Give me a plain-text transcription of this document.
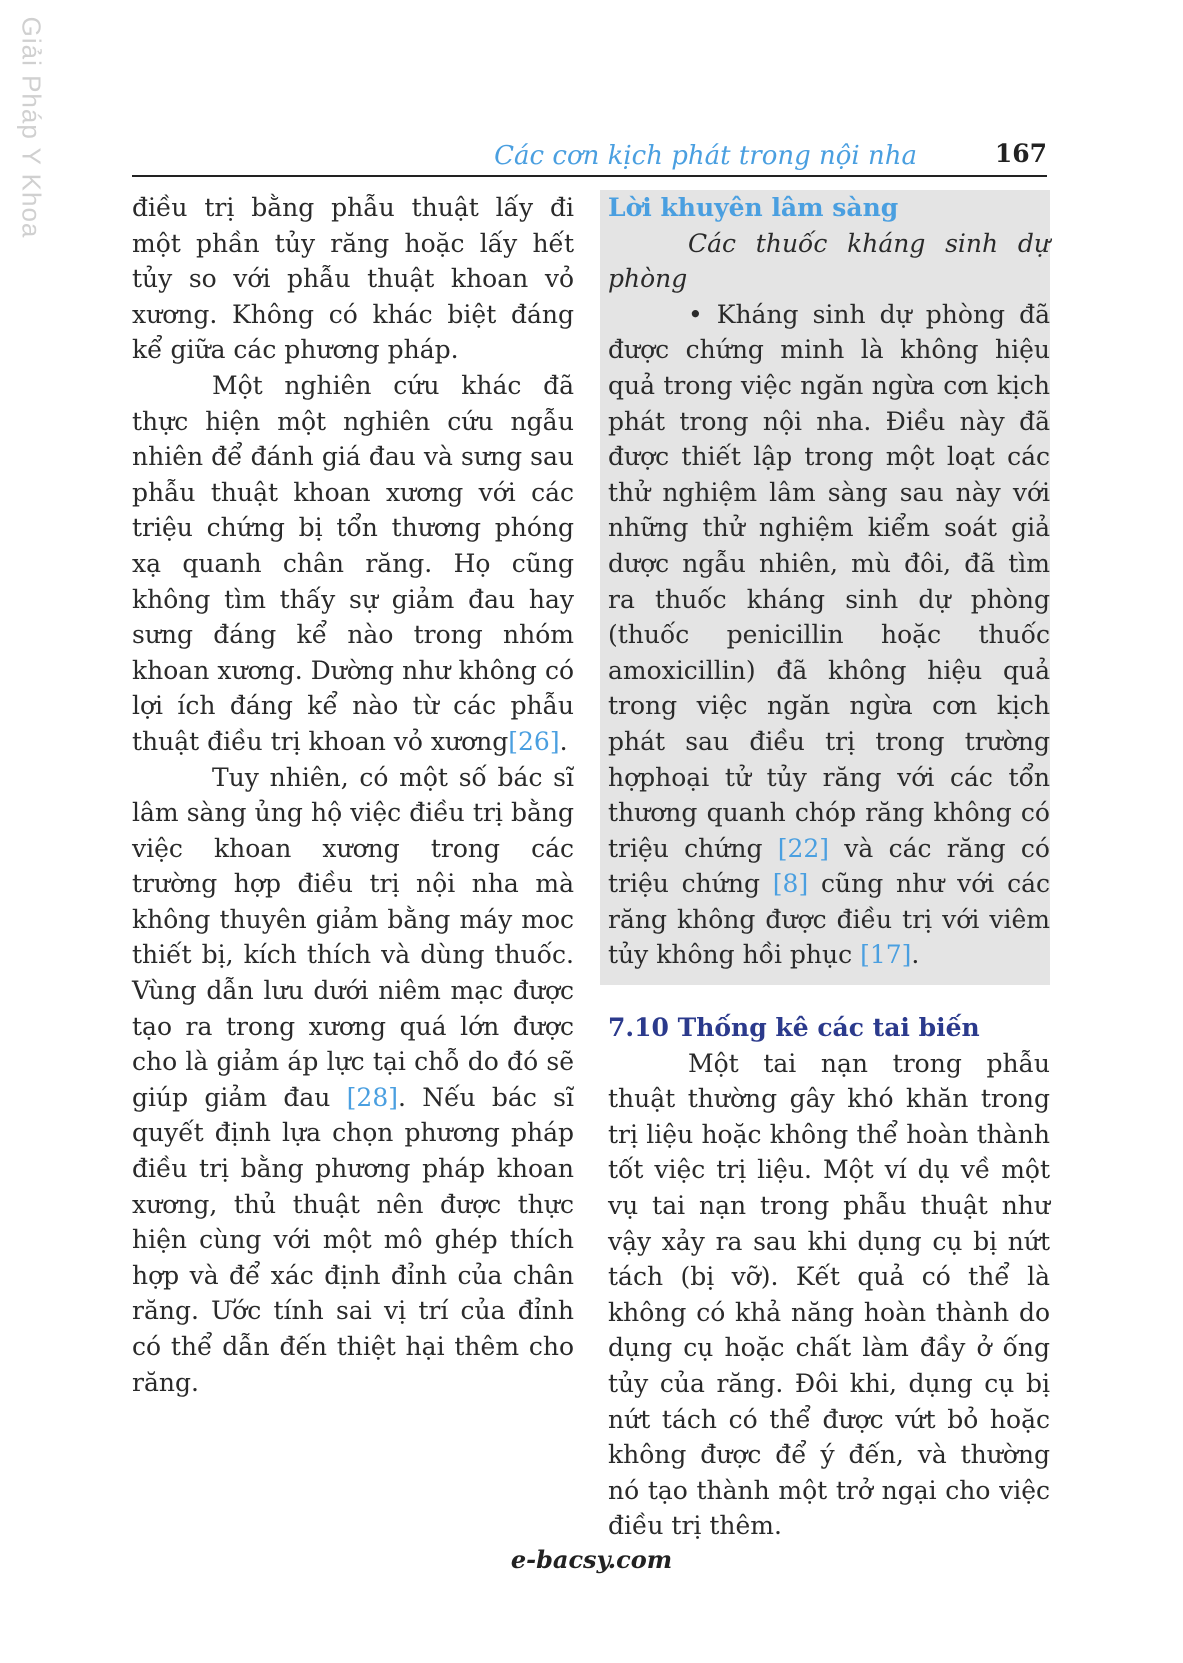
Giải Pháp Y Khoa	Các cơn kịch phát trong nội nha	167

điều trị bằng phẫu thuật lấy đi một phần tủy răng hoặc lấy hết tủy so với phẫu thuật khoan vỏ xương. Không có khác biệt đáng kể giữa các phương pháp.

Một nghiên cứu khác đã thực hiện một nghiên cứu ngẫu nhiên để đánh giá đau và sưng sau phẫu thuật khoan xương với các triệu chứng bị tổn thương phóng xạ quanh chân răng. Họ cũng không tìm thấy sự giảm đau hay sưng đáng kể nào trong nhóm khoan xương. Dường như không có lợi ích đáng kể nào từ các phẫu thuật điều trị khoan vỏ xương[26].

Tuy nhiên, có một số bác sĩ lâm sàng ủng hộ việc điều trị bằng việc khoan xương trong các trường hợp điều trị nội nha mà không thuyên giảm bằng máy moc thiết bị, kích thích và dùng thuốc. Vùng dẫn lưu dưới niêm mạc được tạo ra trong xương quá lớn được cho là giảm áp lực tại chỗ do đó sẽ giúp giảm đau [28]. Nếu bác sĩ quyết định lựa chọn phương pháp điều trị bằng phương pháp khoan xương, thủ thuật nên được thực hiện cùng với một mô ghép thích hợp và để xác định đỉnh của chân răng. Ước tính sai vị trí của đỉnh có thể dẫn đến thiệt hại thêm cho răng.

Lời khuyên lâm sàng

Các thuốc kháng sinh dự phòng

• Kháng sinh dự phòng đã được chứng minh là không hiệu quả trong việc ngăn ngừa cơn kịch phát trong nội nha. Điều này đã được thiết lập trong một loạt các thử nghiệm lâm sàng sau này với những thử nghiệm kiểm soát giả dược ngẫu nhiên, mù đôi, đã tìm ra thuốc kháng sinh dự phòng (thuốc penicillin hoặc thuốc amoxicillin) đã không hiệu quả trong việc ngăn ngừa cơn kịch phát sau điều trị trong trường hợphoại tử tủy răng với các tổn thương quanh chóp răng không có triệu chứng [22] và các răng có triệu chứng [8] cũng như với các răng không được điều trị với viêm tủy không hồi phục [17].

7.10 Thống kê các tai biến

Một tai nạn trong phẫu thuật thường gây khó khăn trong trị liệu hoặc không thể hoàn thành tốt việc trị liệu. Một ví dụ về một vụ tai nạn trong phẫu thuật như vậy xảy ra sau khi dụng cụ bị nứt tách (bị vỡ). Kết quả có thể là không có khả năng hoàn thành do dụng cụ hoặc chất làm đầy ở ống tủy của răng. Đôi khi, dụng cụ bị nứt tách có thể được vứt bỏ hoặc không được để ý đến, và thường nó tạo thành một trở ngại cho việc điều trị thêm.

e-bacsy.com
